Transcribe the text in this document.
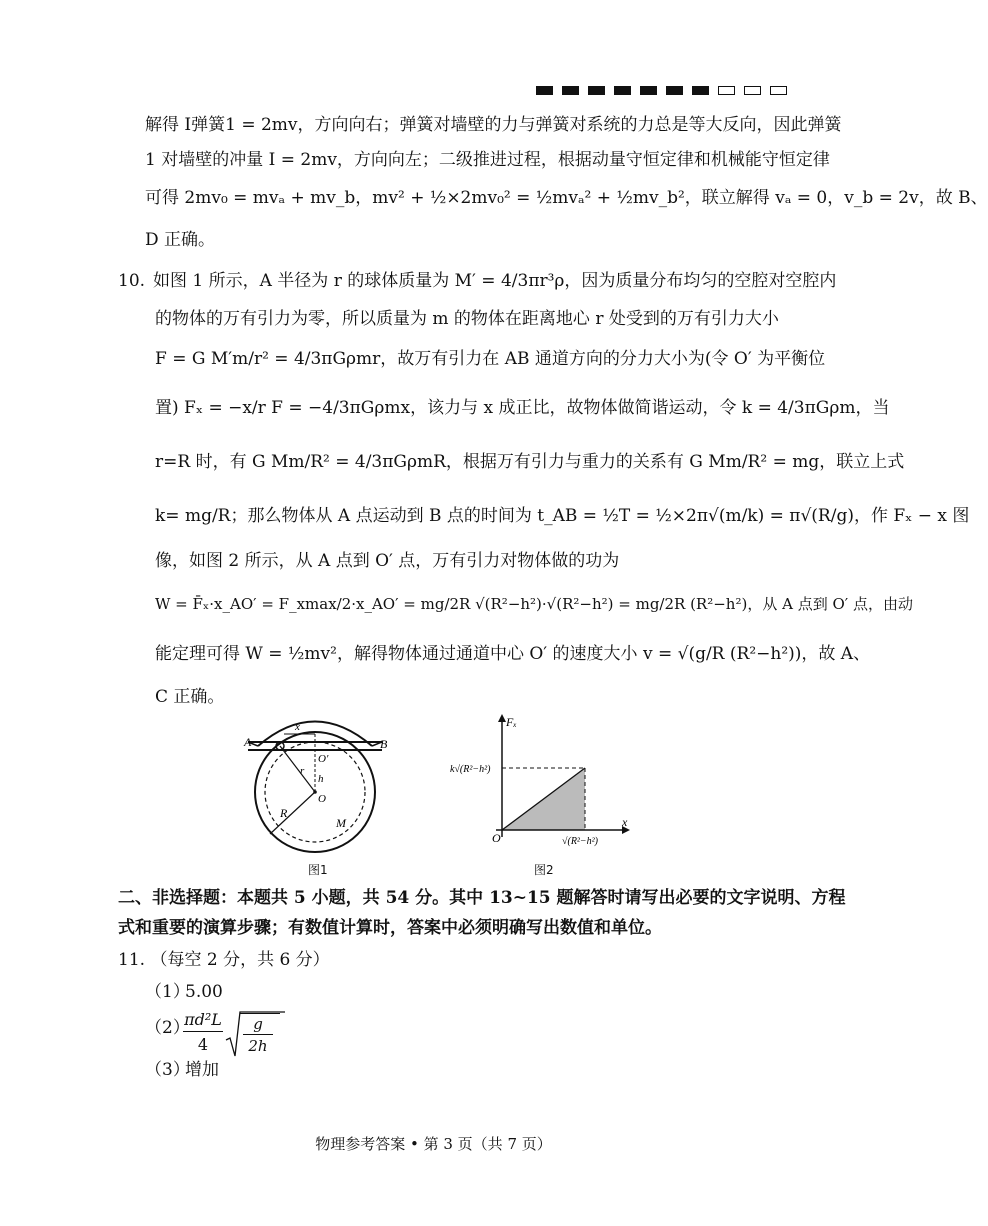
解得 I弹簧1 = 2mv，方向向右；弹簧对墙壁的力与弹簧对系统的力总是等大反向，因此弹簧
1 对墙壁的冲量 I = 2mv，方向向左；二级推进过程，根据动量守恒定律和机械能守恒定律
可得 2mv₀ = mvₐ + mv_b，mv² + ½×2mv₀² = ½mvₐ² + ½mv_b²，联立解得 vₐ = 0，v_b = 2v，故 B、
D 正确。
10. 如图 1 所示，A 半径为 r 的球体质量为 M′ = 4/3πr³ρ，因为质量分布均匀的空腔对空腔内
的物体的万有引力为零，所以质量为 m 的物体在距离地心 r 处受到的万有引力大小
F = G M′m/r² = 4/3πGρmr，故万有引力在 AB 通道方向的分力大小为(令 O′ 为平衡位
置) Fₓ = −x/r F = −4/3πGρmx，该力与 x 成正比，故物体做简谐运动，令 k = 4/3πGρm，当
r=R 时，有 G Mm/R² = 4/3πGρmR，根据万有引力与重力的关系有 G Mm/R² = mg，联立上式
k= mg/R；那么物体从 A 点运动到 B 点的时间为 t_AB = ½T = ½×2π√(m/k) = π√(R/g)，作 Fₓ − x 图
像，如图 2 所示，从 A 点到 O′ 点，万有引力对物体做的功为
W = F̄ₓ·x_AO′ = F_xmax/2·x_AO′ = mg/2R √(R²−h²)·√(R²−h²) = mg/2R (R²−h²)，从 A 点到 O′ 点，由动
能定理可得 W = ½mv²，解得物体通过通道中心 O′ 的速度大小 v = √(g/R (R²−h²))，故 A、
C 正确。
A	B
x
O′
r
h
O
R
M
图1
Fₓ
k√(R²−h²)
O	√(R²−h²)
x
图2
二、非选择题：本题共 5 小题，共 54 分。其中 13~15 题解答时请写出必要的文字说明、方程
式和重要的演算步骤；有数值计算时，答案中必须明确写出数值和单位。
11. （每空 2 分，共 6 分）
（1）
5.00
（2）
πd²L
4
g
2h
（3）
增加
物理参考答案 • 第 3 页（共 7 页）
